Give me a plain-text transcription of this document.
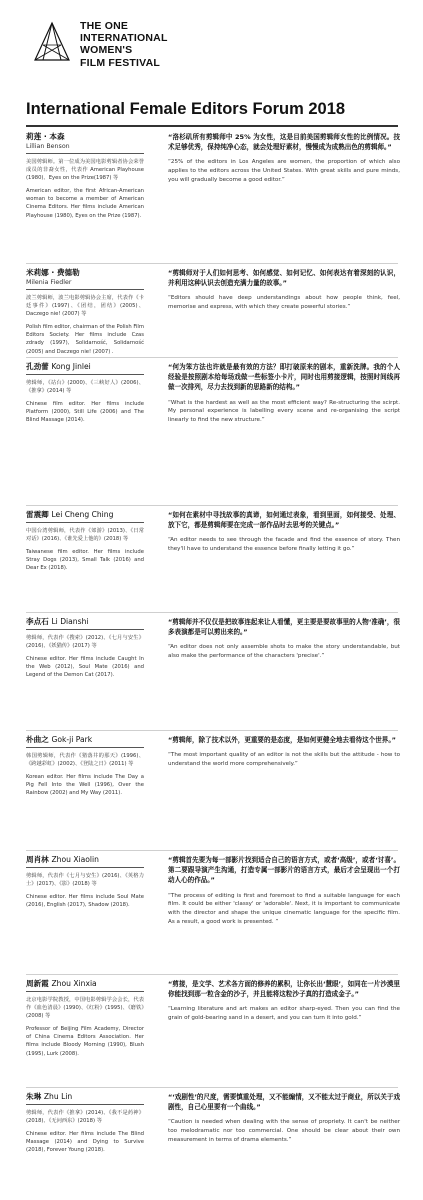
THE ONE
INTERNATIONAL
WOMEN'S
FILM FESTIVAL
International Female Editors Forum 2018
莉莲 · 本森
Lillian Benson

美国剪辑师。第一位成为美国电影剪辑者协会荣誉成员的非裔女性，代表作 American Playhouse (1980)、Eyes on the Prize(1987) 等

American editor, the first African-American woman to become a member of American Cinema Editors. Her films include American Playhouse (1980), Eyes on the Prize (1987).

“洛杉矶所有剪辑师中 25% 为女性，这是目前美国剪辑师女性的比例情况。技术足够优秀，保持纯净心态，就会处理好素材，慢慢成为成熟出色的剪辑师。”

“25% of the editors in Los Angeles are women, the proportion of which also applies to the editors across the United States. With great skills and pure minds, you will gradually become a good editor.”

米莉娜 · 费德勒
Milenia Fiedler

波兰剪辑师，波兰电影剪辑协会主席，代表作《卡廷事件》(1997)、《团结，团结》(2005)、Daczego nie! (2007) 等

Polish film editor, chairman of the Polish Film Editors Society. Her films include Czas zdrady (1997), Solidarność, Solidarność (2005) and Daczego nie! (2007) .

“剪辑师对于人们如何思考、如何感觉、如何记忆、如何表达有着深刻的认识，并利用这种认识去创造充满力量的故事。”

“Editors should have deep understandings about how people think, feel, memorise and express, with which they create powerful stories.”

孔劲蕾 Kong Jinlei

剪辑师，《站台》(2000)、《三峡好人》(2006)、《推拿》(2014) 等

Chinese film editor. Her films include Platform (2000), Still Life (2006) and The Blind Massage (2014).

“何为笨方法也许就是最有效的方法？即打破原来的剧本，重新洗牌。我的个人经验是按照剧本给每场戏做一些标签小卡片，同时也用剪接逻辑，按照时间线再做一次排列，尽力去找到新的思路新的结构。”

“What is the hardest as well as the most efficient way? Re-structuring the scirpt. My personal experience is labelling every scene and re-organising the script linearly to find the new structure.”

雷震卿 Lei Cheng Ching

中国台湾剪辑师，代表作《郊游》(2013)、《日常对话》(2016)、《谁先爱上他的》(2018) 等

Taiwanese film editor. Her films include Stray Dogs (2013), Small Talk (2016) and Dear Ex (2018).

“如何在素材中寻找故事的真谛，如何通过表象，看到里面，如何接受、处理、放下它，都是剪辑师要在完成一部作品时去思考的关键点。”

“An editor needs to see through the facade and find the essence of story. Then they'll have to understand the essence before finally letting it go.”

李点石 Li Dianshi

剪辑师，代表作《搜索》(2012)、《七月与安生》(2016)、《妖猫传》(2017) 等

Chinese editor. Her films include Caught In the Web (2012), Soul Mate (2016) and Legend of the Demon Cat (2017).

“剪辑师并不仅仅是把故事连起来让人看懂，更主要是要故事里的人物‘准确’，很多表演都是可以剪出来的。”

“An editor does not only assemble shots to make the story understandable, but also make the performance of the characters 'precise'.”

朴曲之 Gok-ji Park

韩国剪辑师，代表作《猪落井的那天》(1996)、《跨越彩虹》(2002)、《登陆之日》(2011) 等

Korean editor. Her films include The Day a Pig Fell Into the Well (1996), Over the Rainbow (2002) and My Way (2011).

“剪辑师，除了技术以外，更重要的是态度，是如何更健全地去看待这个世界。”

“The most important quality of an editor is not the skills but the attitude - how to understand the world more comprehensively.”

周肖林 Zhou Xiaolin

剪辑师，代表作《七月与安生》(2016)、《英格力士》(2017)、《影》(2018) 等

Chinese editor. Her films include Soul Mate (2016), English (2017), Shadow (2018).

“剪辑首先要为每一部影片找到适合自己的语言方式，或者‘高级’，或者‘讨喜’。第二要跟导演产生沟通，打造专属一部影片的语言方式，最后才会呈现出一个打动人心的作品。”

“The process of editing is first and foremost to find a suitable language for each film. It could be either 'classy' or 'adorable'. Next, it is important to communicate with the director and shape the unique cinematic language for the specific film. As a result, a good work is presented. ”

周新霞 Zhou Xinxia

北京电影学院教授，中国电影剪辑学会会长，代表作《血色清晨》(1990)、《红粉》(1995)、《磨铁》(2008) 等

Professor of Beijing Film Academy, Director of China Cinema Editors Association. Her films include Bloody Morning (1990), Blush (1995), Lurk (2008).

“剪接，是文学、艺术各方面的修养的累积，让你长出‘慧眼’，如同在一片沙漠里你能找到那一粒含金的沙子，并且能将这粒沙子真的打造成金子。”

“Learning literature and art makes an editor sharp-eyed. Then you can find the grain of gold-bearing sand in a desert, and you can turn it into gold.”

朱琳 Zhu Lin

剪辑师，代表作《推拿》(2014)、《我不是药神》(2018)、《无问西东》(2018) 等

Chinese editor. Her films include The Blind Massage (2014) and Dying to Survive (2018), Forever Young (2018).

“‘戏剧性’的尺度，需要慎重处理，又不能煽情，又不能太过于商业，所以关于戏剧性，自己心里要有一个曲线。”

“Caution is needed when dealing with the sense of propriety. It can't be neither too melodramatic nor too commercial. One should be clear about their own measurement in terms of drama elements.”
